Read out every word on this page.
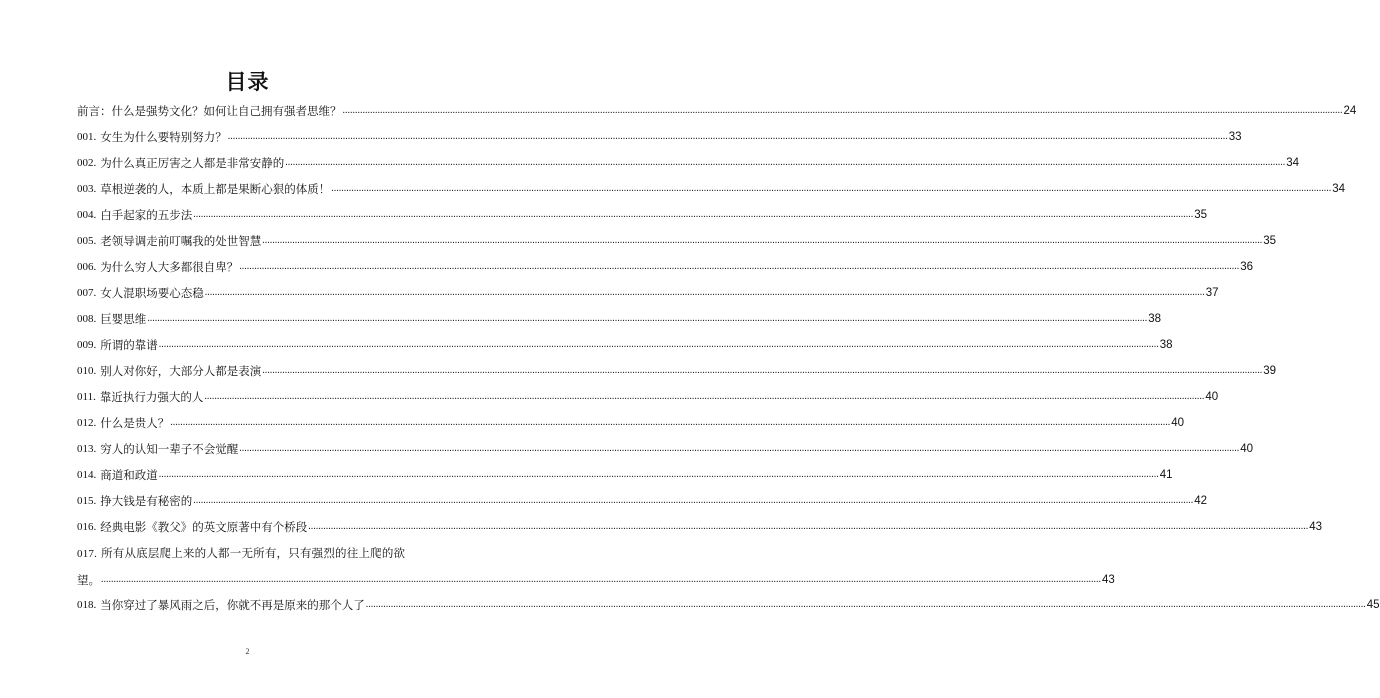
目录
前言：什么是强势文化？如何让自己拥有强者思维？ ................................................................................................................................................................................................................................................................................................................................................................................................................ 24
001. 女生为什么要特别努力？ ................................................................................................................................................................................................................................................................................................................................................................................................................ 33
002. 为什么真正厉害之人都是非常安静的 ................................................................................................................................................................................................................................................................................................................................................................................................................ 34
003. 草根逆袭的人，本质上都是果断心狠的体质！ ................................................................................................................................................................................................................................................................................................................................................................................................................ 34
004. 白手起家的五步法 ................................................................................................................................................................................................................................................................................................................................................................................................................ 35
005. 老领导调走前叮嘱我的处世智慧 ................................................................................................................................................................................................................................................................................................................................................................................................................ 35
006. 为什么穷人大多都很自卑？ ................................................................................................................................................................................................................................................................................................................................................................................................................ 36
007. 女人混职场要心态稳 ................................................................................................................................................................................................................................................................................................................................................................................................................ 37
008. 巨婴思维 ................................................................................................................................................................................................................................................................................................................................................................................................................ 38
009. 所谓的靠谱 ................................................................................................................................................................................................................................................................................................................................................................................................................ 38
010. 别人对你好，大部分人都是表演 ................................................................................................................................................................................................................................................................................................................................................................................................................ 39
011. 靠近执行力强大的人 ................................................................................................................................................................................................................................................................................................................................................................................................................ 40
012. 什么是贵人？ ................................................................................................................................................................................................................................................................................................................................................................................................................ 40
013. 穷人的认知一辈子不会觉醒 ................................................................................................................................................................................................................................................................................................................................................................................................................ 40
014. 商道和政道 ................................................................................................................................................................................................................................................................................................................................................................................................................ 41
015. 挣大钱是有秘密的 ................................................................................................................................................................................................................................................................................................................................................................................................................ 42
016. 经典电影《教父》的英文原著中有个桥段 ................................................................................................................................................................................................................................................................................................................................................................................................................ 43
017. 所有从底层爬上来的人都一无所有，只有强烈的往上爬的欲
望。 ................................................................................................................................................................................................................................................................................................................................................................................................................ 43
018. 当你穿过了暴风雨之后，你就不再是原来的那个人了 ................................................................................................................................................................................................................................................................................................................................................................................................................ 45
2
